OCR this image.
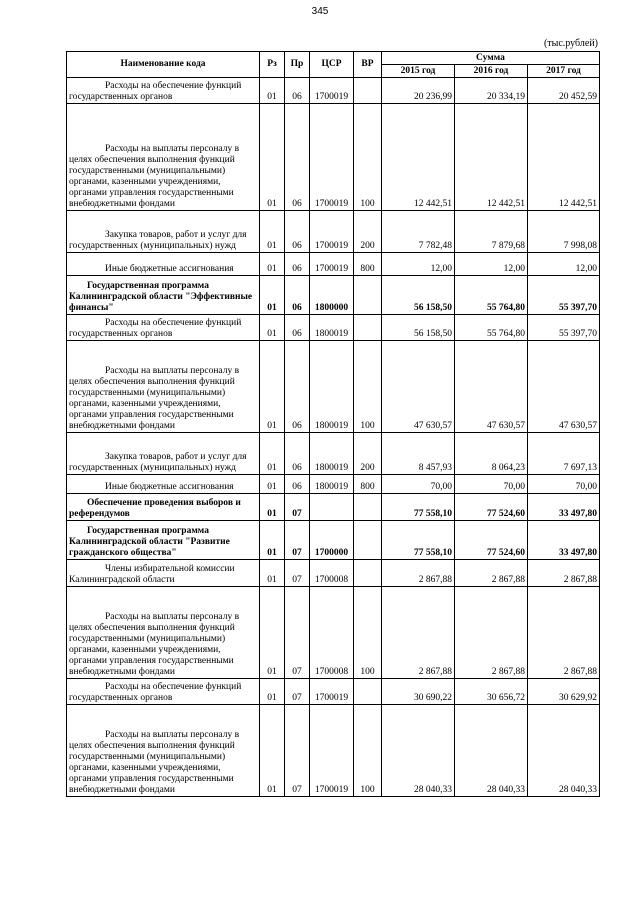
345
(тыс.рублей)
Наименование кода	Рз	Пр	ЦСР	ВР	Сумма		
					2015 год	2016 год	2017 год

Расходы на обеспечение функций государственных органов	01	06	1700019		20 236,99	20 334,19	20 452,59

Расходы на выплаты персоналу в целях обеспечения выполнения функций государственными (муниципальными) органами, казенными учреждениями, органами управления государственными внебюджетными фондами	01	06	1700019	100	12 442,51	12 442,51	12 442,51

Закупка товаров, работ и услуг для государственных (муниципальных) нужд	01	06	1700019	200	7 782,48	7 879,68	7 998,08

Иные бюджетные ассигнования	01	06	1700019	800	12,00	12,00	12,00

Государственная программа Калининградской области "Эффективные финансы"	01	06	1800000		56 158,50	55 764,80	55 397,70

Расходы на обеспечение функций государственных органов	01	06	1800019		56 158,50	55 764,80	55 397,70

Расходы на выплаты персоналу в целях обеспечения выполнения функций государственными (муниципальными) органами, казенными учреждениями, органами управления государственными внебюджетными фондами	01	06	1800019	100	47 630,57	47 630,57	47 630,57

Закупка товаров, работ и услуг для государственных (муниципальных) нужд	01	06	1800019	200	8 457,93	8 064,23	7 697,13

Иные бюджетные ассигнования	01	06	1800019	800	70,00	70,00	70,00

Обеспечение проведения выборов и референдумов	01	07			77 558,10	77 524,60	33 497,80

Государственная программа Калининградской области "Развитие гражданского общества"	01	07	1700000		77 558,10	77 524,60	33 497,80

Члены избирательной комиссии Калининградской области	01	07	1700008		2 867,88	2 867,88	2 867,88

Расходы на выплаты персоналу в целях обеспечения выполнения функций государственными (муниципальными) органами, казенными учреждениями, органами управления государственными внебюджетными фондами	01	07	1700008	100	2 867,88	2 867,88	2 867,88

Расходы на обеспечение функций государственных органов	01	07	1700019		30 690,22	30 656,72	30 629,92

Расходы на выплаты персоналу в целях обеспечения выполнения функций государственными (муниципальными) органами, казенными учреждениями, органами управления государственными внебюджетными фондами	01	07	1700019	100	28 040,33	28 040,33	28 040,33
